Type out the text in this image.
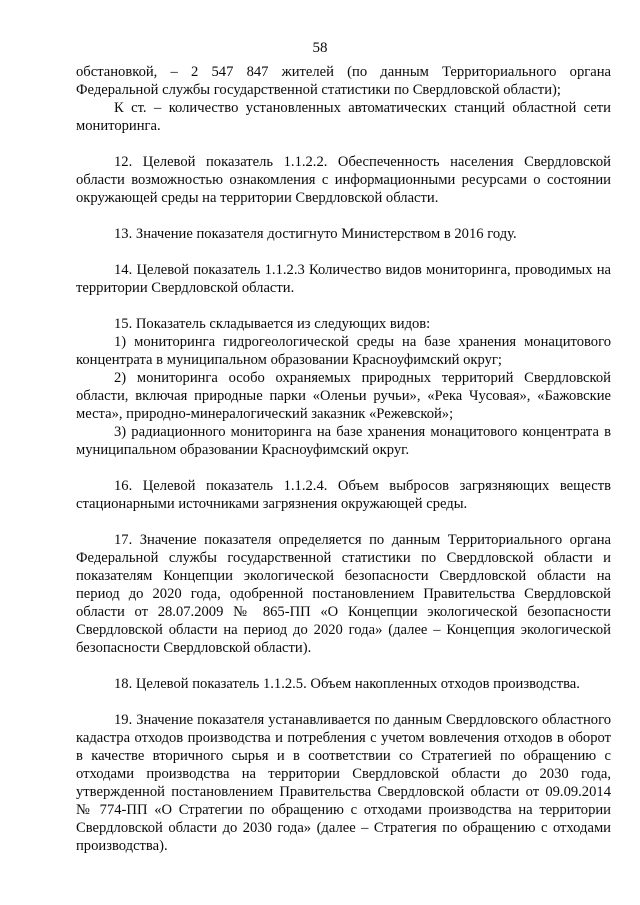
58

обстановкой, – 2 547 847 жителей (по данным Территориального органа Федеральной службы государственной статистики по Свердловской области);

К ст. – количество установленных автоматических станций областной сети мониторинга.

12. Целевой показатель 1.1.2.2. Обеспеченность населения Свердловской области возможностью ознакомления с информационными ресурсами о состоянии окружающей среды на территории Свердловской области.

13. Значение показателя достигнуто Министерством в 2016 году.

14. Целевой показатель 1.1.2.3 Количество видов мониторинга, проводимых на территории Свердловской области.

15. Показатель складывается из следующих видов:

1) мониторинга гидрогеологической среды на базе хранения монацитового концентрата в муниципальном образовании Красноуфимский округ;

2) мониторинга особо охраняемых природных территорий Свердловской области, включая природные парки «Оленьи ручьи», «Река Чусовая», «Бажовские места», природно-минералогический заказник «Режевской»;

3) радиационного мониторинга на базе хранения монацитового концентрата в муниципальном образовании Красноуфимский округ.

16. Целевой показатель 1.1.2.4. Объем выбросов загрязняющих веществ стационарными источниками загрязнения окружающей среды.

17. Значение показателя определяется по данным Территориального органа Федеральной службы государственной статистики по Свердловской области и показателям Концепции экологической безопасности Свердловской области на период до 2020 года, одобренной постановлением Правительства Свердловской области от 28.07.2009 № 865-ПП «О Концепции экологической безопасности Свердловской области на период до 2020 года» (далее – Концепция экологической безопасности Свердловской области).

18. Целевой показатель 1.1.2.5. Объем накопленных отходов производства.

19. Значение показателя устанавливается по данным Свердловского областного кадастра отходов производства и потребления с учетом вовлечения отходов в оборот в качестве вторичного сырья и в соответствии со Стратегией по обращению с отходами производства на территории Свердловской области до 2030 года, утвержденной постановлением Правительства Свердловской области от 09.09.2014 № 774-ПП «О Стратегии по обращению с отходами производства на территории Свердловской области до 2030 года» (далее – Стратегия по обращению с отходами производства).
